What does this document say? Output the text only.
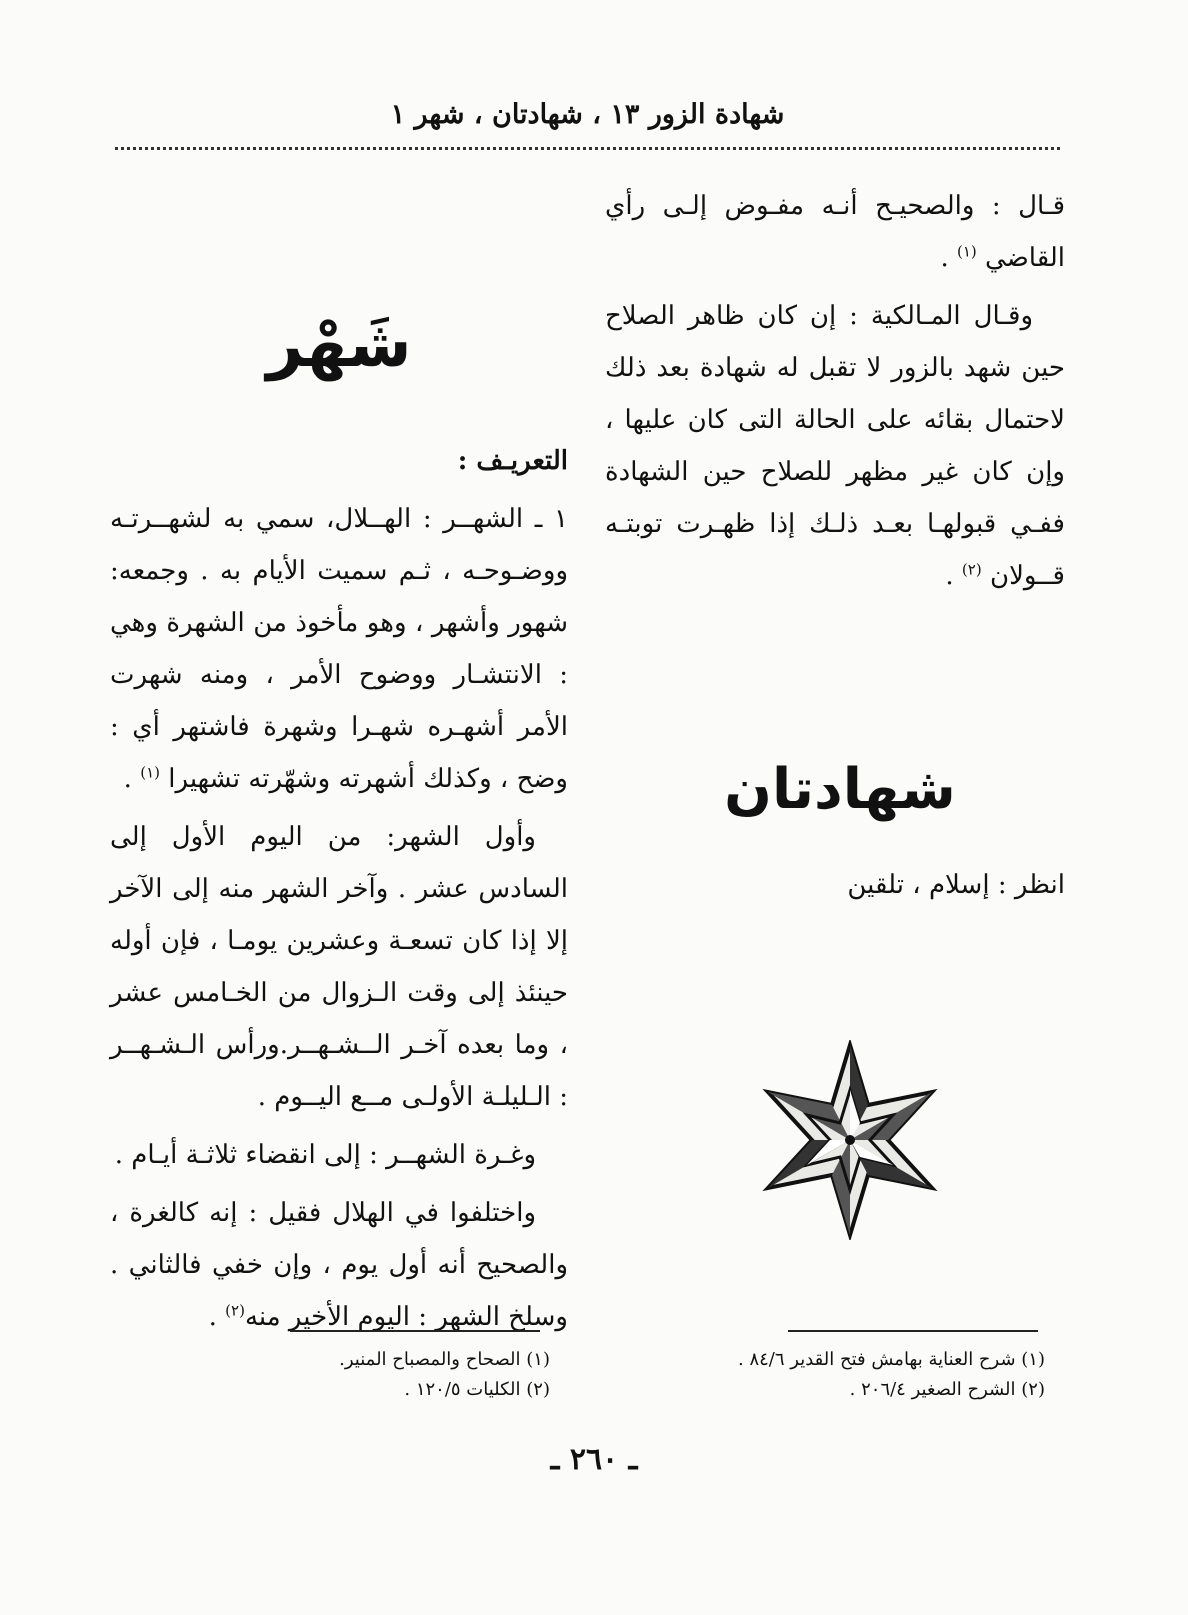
شهادة الزور ١٣ ، شهادتان ، شهر ١

قـال : والصحيـح أنـه مفـوض إلـى رأي القاضي $^{(١)}$ .

وقـال المـالكية : إن كان ظاهر الصلاح حين شهد بالزور لا تقبل له شهادة بعد ذلك لاحتمال بقائه على الحالة التى كان عليها ، وإن كان غير مظهر للصلاح حين الشهادة ففـي قبولهـا بعـد ذلـك إذا ظهـرت توبتـه قــولان $^{(٢)}$ .

شهادتان
انظر : إسلام ، تلقين
شَهْر

التعريـف :

١ ـ الشهــر : الهــلال، سمي به لشهــرتـه ووضـوحـه ، ثـم سميت الأيام به . وجمعه: شهور وأشهر ، وهو مأخوذ من الشهرة وهي : الانتشـار ووضوح الأمر ، ومنه شهرت الأمر أشهـره شهـرا وشهرة فاشتهر أي : وضح ، وكذلك أشهرته وشهّرته تشهيرا $^{(١)}$ .

وأول الشهر: من اليوم الأول إلى السادس عشر . وآخر الشهر منه إلى الآخر إلا إذا كان تسعـة وعشرين يومـا ، فإن أوله حينئذ إلى وقت الـزوال من الخـامس عشر ، وما بعده آخـر الــشـهــر.ورأس الـشـهــر : الـليلـة الأولـى مــع اليــوم .

وغـرة الشهــر : إلى انقضاء ثلاثـة أيـام .

واختلفوا في الهلال فقيل : إنه كالغرة ، والصحيح أنه أول يوم ، وإن خفي فالثاني . وسلخ الشهر : اليوم الأخير منه$^{(٢)}$ .

(١) شرح العناية بهامش فتح القدير ٨٤/٦ .
(٢) الشرح الصغير ٢٠٦/٤ .
(١) الصحاح والمصباح المنير.
(٢) الكليات ١٢٠/٥ .
ـ ٢٦٠ ـ
